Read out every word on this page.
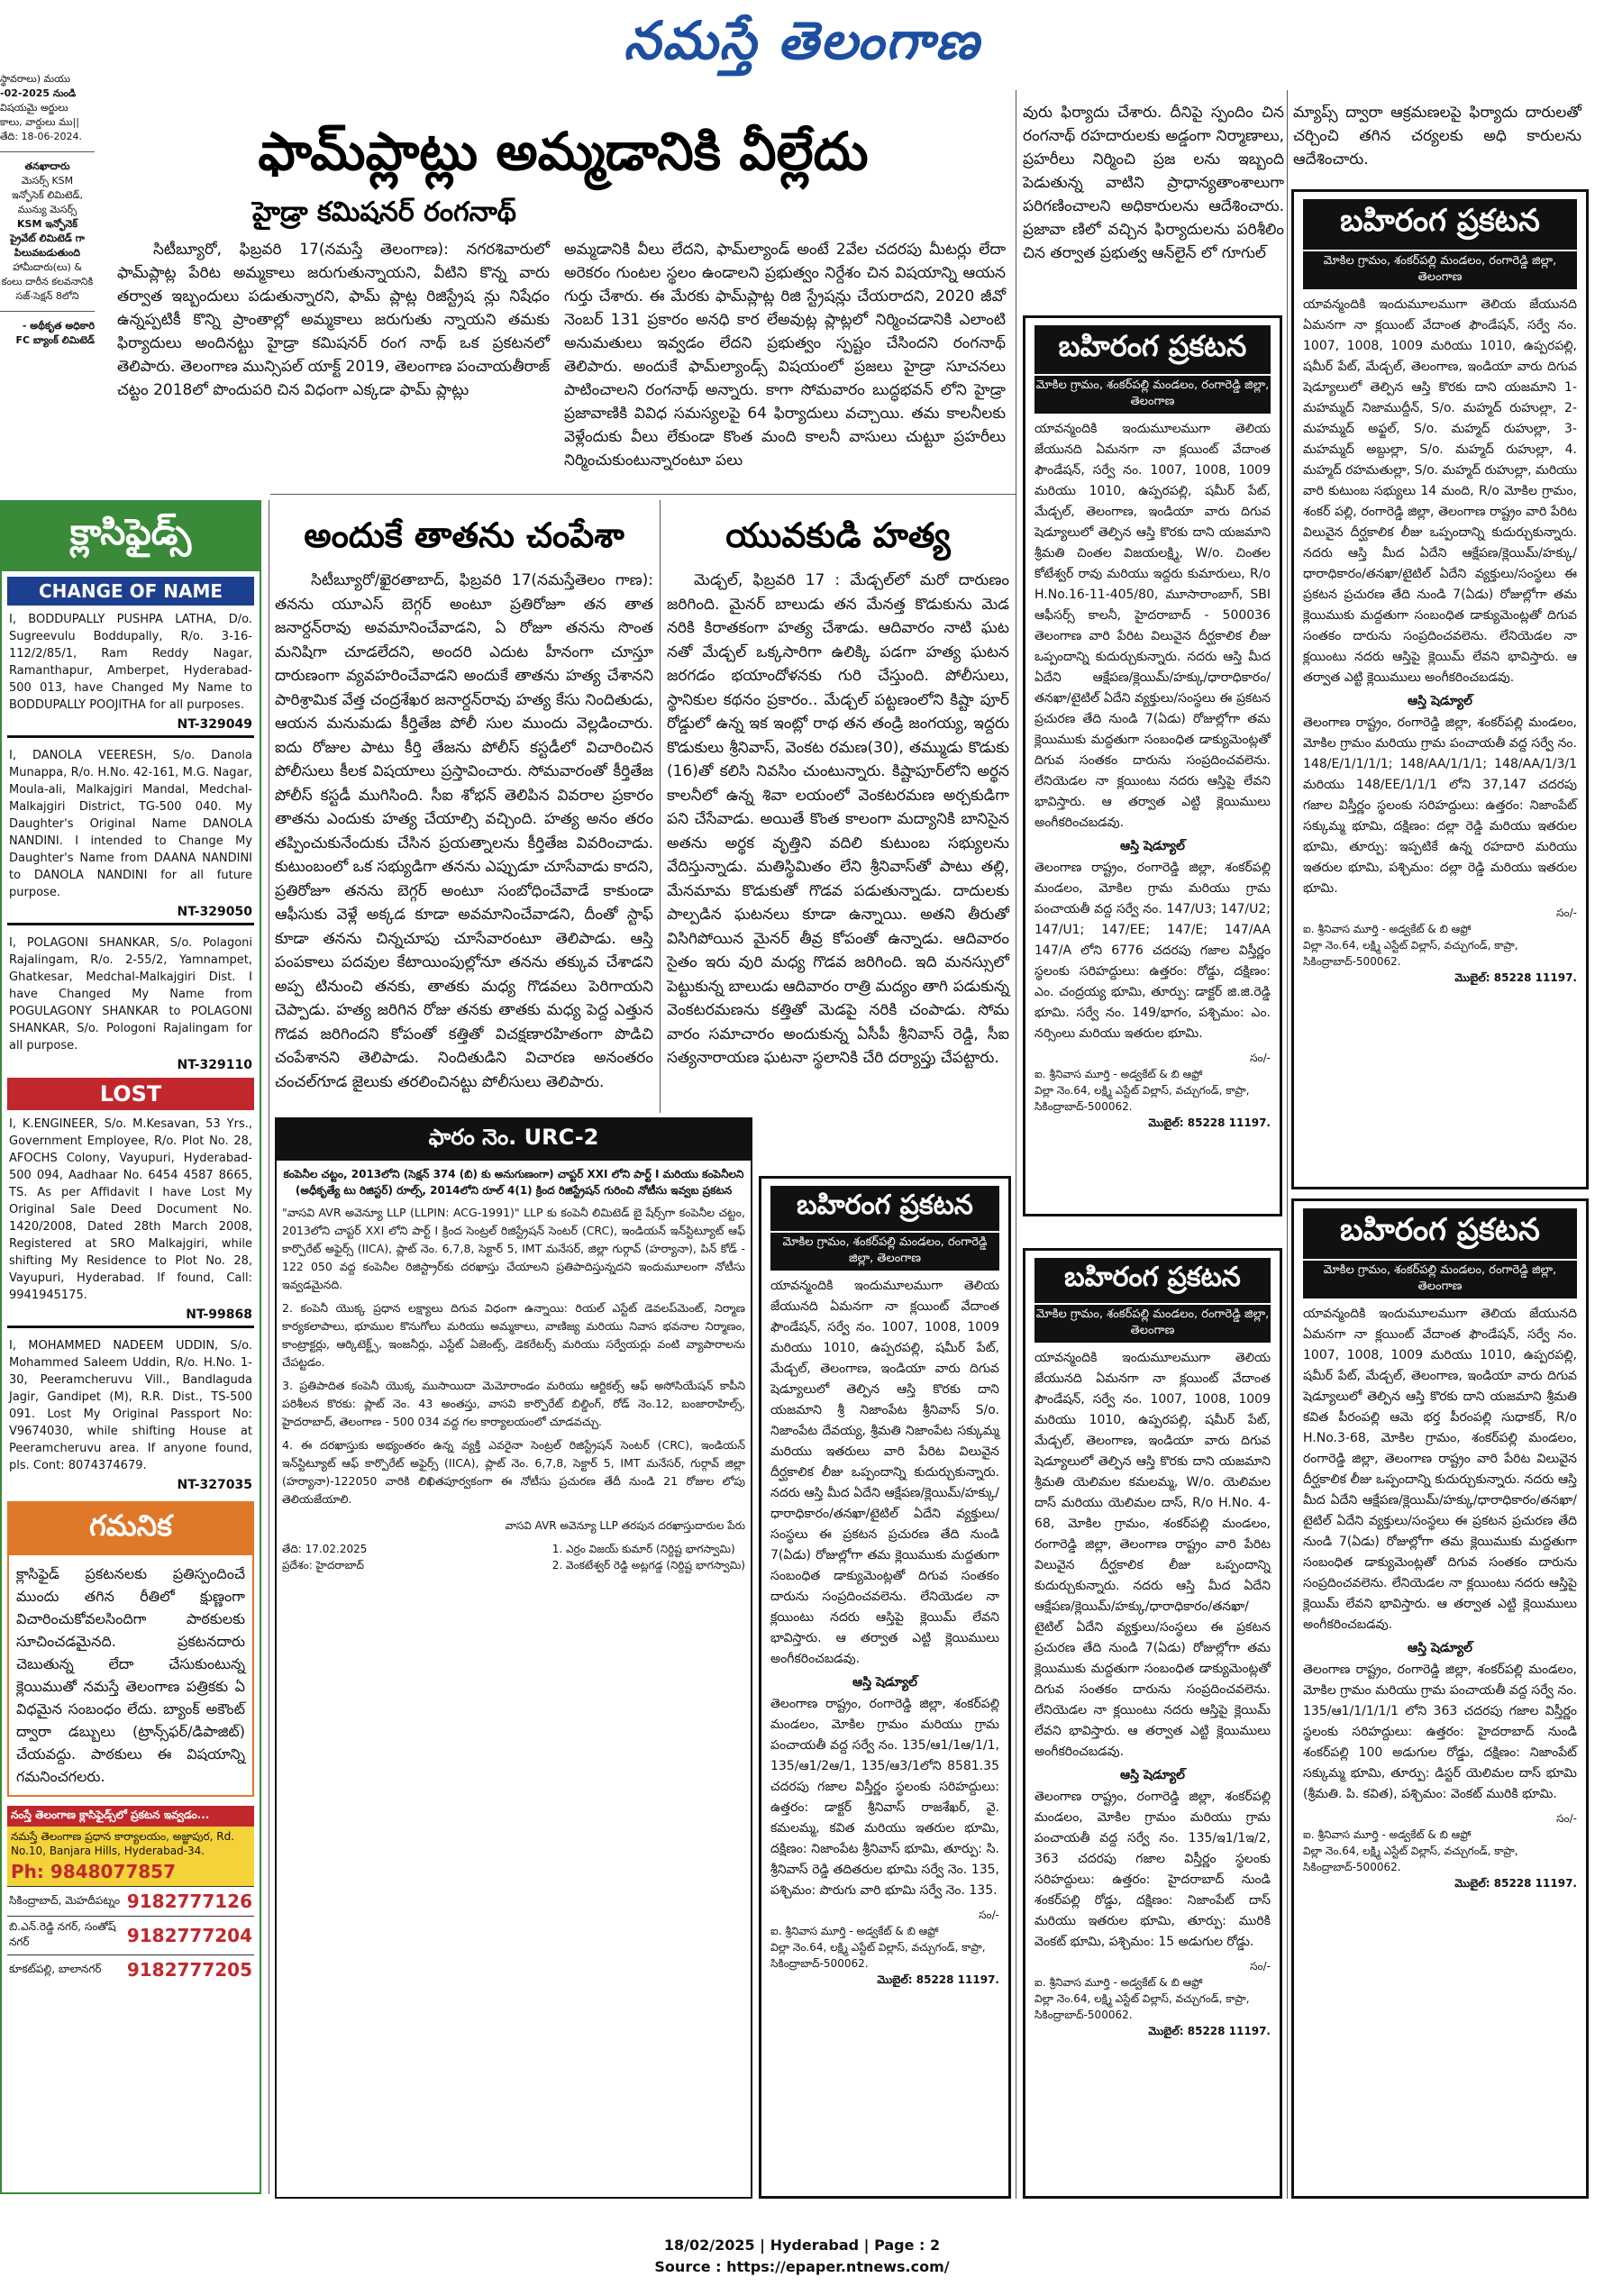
నమస్తే తెలంగాణ

స్థావరాలు) మయు

-02-2025 నుండి

విషయమై అర్జులు

కాలు, వార్డులు ము||

తేది: 18-06-2024.

తనఖాదారు

మెసర్స్ KSM

ఇన్ఫోసెక్ లిమిటెడ్,

మున్యు మెసర్స్

KSM ఇన్ఫోనెక్

ప్రైవేట్ లిమిటెడ్ గా

పిలువబడుతుంది

హామీదారు(లు) &

కంలు దారీన కలవనానికి

సజ్-సెక్షన్ 8లోని

- అథీకృత అధికారి

FC బ్యాంక్ లిమిటెడ్

క్లాసిఫైడ్స్
CHANGE OF NAME
I, BODDUPALLY PUSHPA LATHA, D/o. Sugreevulu Boddupally, R/o. 3-16-112/2/85/1, Ram Reddy Nagar, Ramanthapur, Amberpet, Hyderabad-500 013, have Changed My Name to BODDUPALLY POOJITHA for all purposes.
NT-329049
I, DANOLA VEERESH, S/o. Danola Munappa, R/o. H.No. 42-161, M.G. Nagar, Moula-ali, Malkajgiri Mandal, Medchal-Malkajgiri District, TG-500 040. My Daughter's Original Name DANOLA NANDINI. I intended to Change My Daughter's Name from DAANA NANDINI to DANOLA NANDINI for all future purpose.
NT-329050
I, POLAGONI SHANKAR, S/o. Polagoni Rajalingam, R/o. 2-55/2, Yamnampet, Ghatkesar, Medchal-Malkajgiri Dist. I have Changed My Name from POGULAGONY SHANKAR to POLAGONI SHANKAR, S/o. Pologoni Rajalingam for all purpose.
NT-329110
LOST
I, K.ENGINEER, S/o. M.Kesavan, 53 Yrs., Government Employee, R/o. Plot No. 28, AFOCHS Colony, Vayupuri, Hyderabad-500 094, Aadhaar No. 6454 4587 8665, TS. As per Affidavit I have Lost My Original Sale Deed Document No. 1420/2008, Dated 28th March 2008, Registered at SRO Malkajgiri, while shifting My Residence to Plot No. 28, Vayupuri, Hyderabad. If found, Call: 9941945175.
NT-99868
I, MOHAMMED NADEEM UDDIN, S/o. Mohammed Saleem Uddin, R/o. H.No. 1-30, Peeramcheruvu Vill., Bandlaguda Jagir, Gandipet (M), R.R. Dist., TS-500 091. Lost My Original Passport No: V9674030, while shifting House at Peeramcheruvu area. If anyone found, pls. Cont: 8074374679.
NT-327035
గమనిక
క్లాసిఫైడ్ ప్రకటనలకు ప్రతిస్పందించే ముందు తగిన రీతిలో క్షుణ్ణంగా విచారించుకోవలసిందిగా పాఠకులకు సూచించడమైనది. ప్రకటనదారు చెబుతున్న లేదా చేసుకుంటున్న క్లెయిముతో నమస్తే తెలంగాణ పత్రికకు ఏ విధమైన సంబంధం లేదు. బ్యాంక్ అకౌంట్ ద్వారా డబ్బులు (ట్రాన్స్‌ఫర్/డిపాజిట్) చేయవద్దు. పాఠకులు ఈ విషయాన్ని గమనించగలరు.
నంస్తే తెలంగాణ క్లాసిఫైడ్స్‌లో ప్రకటన ఇవ్వడం...
నమస్తే తెలంగాణ ప్రధాన కార్యాలయం, అజ్జాపుర, Rd. No.10, Banjara Hills, Hyderabad-34.
Ph: 9848077857
సికింద్రాబాద్, మెహదీపట్నం 9182777126
బి.ఎన్.రెడ్డి నగర్, సంతోష్ నగర్	9182777204
కూకట్‌పల్లి, బాలానగర్ 9182777205
ఫామ్‌ప్లాట్లు అమ్మడానికి వీల్లేదు
హైడ్రా కమిషనర్ రంగనాథ్
సిటీబ్యూరో, ఫిబ్రవరి 17(నమస్తే తెలంగాణ): నగరశివారులో ఫామ్‌ప్లాట్ల పేరిట అమ్మకాలు జరుగుతున్నాయని, వీటిని కొన్న వారు తర్వాత ఇబ్బందులు పడుతున్నారని, ఫామ్ ప్లాట్ల రిజిస్ట్రేష న్లు నిషేధం ఉన్నప్పటికీ కొన్ని ప్రాంతాల్లో అమ్మకాలు జరుగుతు న్నాయని తమకు ఫిర్యాదులు అందినట్టు హైడ్రా కమిషనర్ రంగ నాథ్ ఒక ప్రకటనలో తెలిపారు. తెలంగాణ మున్సిపల్ యాక్ట్ 2019, తెలంగాణ పంచాయతీరాజ్ చట్టం 2018లో పొందుపరి చిన విధంగా ఎక్కడా ఫామ్ ప్లాట్లు
అమ్మడానికి వీలు లేదని, ఫామ్‌ల్యాండ్ అంటే 2వేల చదరపు మీటర్లు లేదా అరెకరం గుంటల స్థలం ఉండాలని ప్రభుత్వం నిర్దేశం చిన విషయాన్ని ఆయన గుర్తు చేశారు. ఈ మేరకు ఫామ్‌ప్లాట్ల రిజి స్ట్రేషన్లు చేయరాదని, 2020 జీవో నెంబర్ 131 ప్రకారం అనధి కార లేఅవుట్ల ప్లాట్లలో నిర్మించడానికి ఎలాంటి అనుమతులు ఇవ్వడం లేదని ప్రభుత్వం స్పష్టం చేసిందని రంగనాథ్ తెలిపారు. అందుకే ఫామ్‌ల్యాండ్స్ విషయంలో ప్రజలు హైడ్రా సూచనలు పాటించాలని రంగనాథ్ అన్నారు. కాగా సోమవారం బుద్ధభవన్ లోని హైడ్రా ప్రజావాణికి వివిధ సమస్యలపై 64 ఫిర్యాదులు వచ్చాయి. తమ కాలనీలకు వెళ్లేందుకు వీలు లేకుండా కొంత మంది కాలనీ వాసులు చుట్టూ ప్రహరీలు నిర్మించుకుంటున్నారంటూ పలు
వురు ఫిర్యాదు చేశారు. దీనిపై స్పందిం చిన రంగనాథ్ రహదారులకు అడ్డంగా నిర్మాణాలు, ప్రహరీలు నిర్మించి ప్రజ లను ఇబ్బంది పెడుతున్న వాటిని ప్రాధాన్యతాంశాలుగా పరిగణించాలని అధికారులను ఆదేశించారు. ప్రజావా ణిలో వచ్చిన ఫిర్యాదులను పరిశీలిం చిన తర్వాత ప్రభుత్వ ఆన్‌లైన్ లో గూగుల్
మ్యాప్స్ ద్వారా ఆక్రమణలపై ఫిర్యాదు దారులతో చర్చించి తగిన చర్యలకు అధి కారులను ఆదేశించారు.
అందుకే తాతను చంపేశా
సిటీబ్యూరో/ఖైరతాబాద్, ఫిబ్రవరి 17(నమస్తేతెలం గాణ): తనను యూఎస్ బెగ్గర్ అంటూ ప్రతిరోజూ తన తాత జనార్దన్‌రావు అవమానించేవాడని, ఏ రోజూ తనను సొంత మనిషిగా చూడలేదని, అందరి ఎదుట హీనంగా చూస్తూ దారుణంగా వ్యవహరించేవాడని అందుకే తాతను హత్య చేశానని పారిశ్రామిక వేత్త చంద్రశేఖర జనార్దన్‌రావు హత్య కేసు నిందితుడు, ఆయన మనుమడు కీర్తితేజ పోలీ సుల ముందు వెల్లడించారు. ఐదు రోజుల పాటు కీర్తి తేజను పోలీస్ కస్టడీలో విచారించిన పోలీసులు కీలక విషయాలు ప్రస్తావించారు. సోమవారంతో కీర్తితేజ పోలీస్ కస్టడీ ముగిసింది. సీఐ శోభన్ తెలిపిన వివరాల ప్రకారం తాతను ఎందుకు హత్య చేయాల్సి వచ్చింది. హత్య అనం తరం తప్పించుకునేందుకు చేసిన ప్రయత్నాలను కీర్తితేజ వివరించాడు. కుటుంబంలో ఒక సభ్యుడిగా తనను ఎప్పుడూ చూసేవాడు కాదని, ప్రతిరోజూ తనను బెగ్గర్ అంటూ సంబోధించేవాడే కాకుండా ఆఫీసుకు వెళ్లే అక్కడ కూడా అవమానించేవాడని, దీంతో స్టాఫ్ కూడా తనను చిన్నచూపు చూసేవారంటూ తెలిపాడు. ఆస్తి పంపకాలు పదవుల కేటాయింపుల్లోనూ తనను తక్కువ చేశాడని అప్ప టినుంచి తనకు, తాతకు మధ్య గొడవలు పెరిగాయని చెప్పాడు. హత్య జరిగిన రోజు తనకు తాతకు మధ్య పెద్ద ఎత్తున గొడవ జరిగిందని కోపంతో కత్తితో విచక్షణారహితంగా పొడిచి చంపేశానని తెలిపాడు. నిందితుడిని విచారణ అనంతరం చంచల్‌గూడ జైలుకు తరలించినట్టు పోలీసులు తెలిపారు.
యువకుడి హత్య
మెడ్చల్, ఫిబ్రవరి 17 : మేడ్చల్‌లో మరో దారుణం జరిగింది. మైనర్ బాలుడు తన మేనత్త కొడుకును మెడ నరికి కిరాతకంగా హత్య చేశాడు. ఆదివారం నాటి ఘట నతో మేడ్చల్ ఒక్కసారిగా ఉలిక్కి పడగా హత్య ఘటన జరగడం భయాందోళనకు గురి చేస్తుంది. పోలీసులు, స్థానికుల కథనం ప్రకారం.. మేడ్చల్ పట్టణంలోని కిష్టా పూర్ రోడ్డులో ఉన్న ఇక ఇంట్లో రాథ తన తండ్రి జంగయ్య, ఇద్దరు కొడుకులు శ్రీనివాస్, వెంకట రమణ(30), తమ్ముడు కొడుకు (16)తో కలిసి నివసిం చుంటున్నారు. కిష్టాపూర్‌లోని అర్థన కాలనీలో ఉన్న శివా లయంలో వెంకటరమణ అర్చకుడిగా పని చేసేవాడు. అయితే కొంత కాలంగా మద్యానికి బానిసైన అతను అర్థక వృత్తిని వదిలి కుటుంబ సభ్యులను వేదిస్తున్నాడు. మతిస్థిమితం లేని శ్రీనివాస్‌తో పాటు తల్లి, మేనమామ కొడుకుతో గొడవ పడుతున్నాడు. దాదులకు పాల్పడిన ఘటనలు కూడా ఉన్నాయి. అతని తీరుతో విసిగిపోయిన మైనర్ తీవ్ర కోపంతో ఉన్నాడు. ఆదివారం సైతం ఇరు వురి మధ్య గొడవ జరిగింది. ఇది మనస్సులో పెట్టుకున్న బాలుడు ఆదివారం రాత్రి మద్యం తాగి పడుకున్న వెంకటరమణను కత్తితో మెడపై నరికి చంపాడు. సోమ వారం సమాచారం అందుకున్న ఏసీపీ శ్రీనివాస్ రెడ్డి, సీఐ సత్యనారాయణ ఘటనా స్థలానికి చేరి దర్యాప్తు చేపట్టారు.
ఫారం నెం. URC-2
కంపెనీల చట్టం, 2013లోని (సెక్షన్ 374 (బి) కు అనుగుణంగా) చాప్టర్ XXI లోని పార్ట్ I మరియు కంపెనీలని (అధీకృత్యే టు రిజిస్టర్) రూల్స్, 2014లోని రూల్ 4(1) క్రింద రిజిస్ట్రేషన్ గురించి నోటీసు ఇవ్వబ ప్రకటన
"వాసవి AVR అవెన్యూ LLP (LLPIN: ACG-1991)" LLP కు కంపెనీ లిమిటెడ్ బై షేర్స్‌గా కంపెనీల చట్టం, 2013లోని చాప్టర్ XXI లోని పార్ట్ I క్రింద సెంట్రల్ రిజిస్ట్రేషన్ సెంటర్ (CRC), ఇండియన్ ఇన్‌స్టిట్యూట్ ఆఫ్ కార్పొరేట్ అఫైర్స్ (IICA), ప్లాట్ నెం. 6,7,8, సెక్టార్ 5, IMT మనేసర్, జిల్లా గుర్గావ్ (హర్యానా), పిన్ కోడ్ - 122 050 వద్ద కంపెనీల రిజిస్ట్రార్‌కు దరఖాస్తు చేయాలని ప్రతిపాదిస్తున్నదని ఇందుమూలంగా నోటీసు ఇవ్వడమైనది.
2. కంపెనీ యొక్క ప్రధాన లక్ష్యాలు దిగువ విధంగా ఉన్నాయి: రియల్ ఎస్టేట్ డెవలప్‌మెంట్, నిర్మాణ కార్యకలాపాలు, భూముల కొనుగోలు మరియు అమ్మకాలు, వాణిజ్య మరియు నివాస భవనాల నిర్మాణం, కాంట్రాక్టర్లు, ఆర్కిటెక్ట్స్, ఇంజనీర్లు, ఎస్టేట్ ఏజెంట్స్, డెకరేటర్స్ మరియు సర్వేయర్లు వంటి వ్యాపారాలను చేపట్టడం.
3. ప్రతిపాదిత కంపెనీ యొక్క ముసాయిదా మెమోరాండం మరియు ఆర్టికల్స్ ఆఫ్ అసోసియేషన్ కాపీని పరిశీలన కొరకు: ప్లాట్ నెం. 43 అంతస్తు, వాసవి కార్పొరేట్ బిల్డింగ్, రోడ్ నెం.12, బంజారాహిల్స్, హైదరాబాద్, తెలంగాణ - 500 034 వద్ద గల కార్యాలయంలో చూడవచ్చు.
4. ఈ దరఖాస్తుకు అభ్యంతరం ఉన్న వ్యక్తి ఎవరైనా సెంట్రల్ రిజిస్ట్రేషన్ సెంటర్ (CRC), ఇండియన్ ఇన్‌స్టిట్యూట్ ఆఫ్ కార్పొరేట్ అఫైర్స్ (IICA), ప్లాట్ నెం. 6,7,8, సెక్టార్ 5, IMT మనేసర్, గుర్గావ్ జిల్లా (హర్యానా)-122050 వారికి లిఖితపూర్వకంగా ఈ నోటీసు ప్రచురణ తేదీ నుండి 21 రోజుల లోపు తెలియజేయాలి.
వాసవి AVR అవెన్యూ LLP తరపున దరఖాస్తుదారుల పేరు
తేది: 17.02.2025
ప్రదేశం: హైదరాబాద్
1. ఎర్రం విజయ్ కుమార్ (నిర్దిష్ట భాగస్వామి)
2. వెంకటేశ్వర్ రెడ్డి అట్లగడ్డ (నిర్దిష్ట భాగస్వామి)
బహిరంగ ప్రకటన
మోకిల గ్రామం, శంకర్‌పల్లి మండలం, రంగారెడ్డి జిల్లా, తెలంగాణ
యావన్మందికి ఇందుమూలముగా తెలియ జేయునది ఏమనగా నా క్లయింట్ వేదాంత ఫౌండేషన్, సర్వే నం. 1007, 1008, 1009 మరియు 1010, ఉప్పరపల్లి, షమీర్ పేట్, మేడ్చల్, తెలంగాణ, ఇండియా వారు దిగువ షెడ్యూలులో తెల్పిన ఆస్తి కొరకు దాని యజమాని శ్రీమతి చింతల విజయలక్ష్మి, W/o. చింతల కోటేశ్వర్ రావు మరియు ఇద్దరు కుమారులు, R/o H.No.16-11-405/80, మూసారాంబాగ్, SBI ఆఫీసర్స్ కాలనీ, హైదరాబాద్ - 500036 తెలంగాణ వారి పేరిట విలువైన దీర్ఘకాలిక లీజు ఒప్పందాన్ని కుదుర్చుకున్నారు. నదరు ఆస్తి మీద ఏదేని ఆక్షేపణ/క్లెయిమ్/హక్కు/ధారాధికారం/తనఖా/టైటిల్ ఏదేని వ్యక్తులు/సంస్థలు ఈ ప్రకటన ప్రచురణ తేది నుండి 7(ఏడు) రోజుల్లోగా తమ క్లెయిముకు మద్దతుగా సంబంధిత డాక్యుమెంట్లతో దిగువ సంతకం దారును సంప్రదించవలెను. లేనియెడల నా క్లయింటు నదరు ఆస్తిపై లేవని భావిస్తారు. ఆ తర్వాత ఎట్టి క్లెయిములు అంగీకరించబడవు.
ఆస్తి షెడ్యూల్
తెలంగాణ రాష్ట్రం, రంగారెడ్డి జిల్లా, శంకర్‌పల్లి మండలం, మోకిల గ్రామ మరియు గ్రామ పంచాయతీ వద్ద సర్వే నం. 147/U3; 147/U2; 147/U1; 147/EE; 147/E; 147/AA 147/A లోని 6776 చదరపు గజాల విస్తీర్ణం స్థలంకు సరిహద్దులు: ఉత్తరం: రోడ్డు, దక్షిణం: ఎం. చంద్రయ్య భూమి, తూర్పు: డాక్టర్ జి.జి.రెడ్డి భూమి. సర్వే నం. 149/భాగం, పశ్చిమం: ఎం. నర్సింలు మరియు ఇతరుల భూమి.
సం/-
ఐ. శ్రీనివాస మూర్తి - అడ్వకేట్ & బి ఆఫ్రో
విల్లా నెం.64, లక్ష్మి ఎస్టేట్ విల్లాస్, వచ్చుగండ్, కాప్రా, సికింద్రాబాద్-500062.
మొబైల్: 85228 11197.
బహిరంగ ప్రకటన
మోకిల గ్రామం, శంకర్‌పల్లి మండలం, రంగారెడ్డి జిల్లా, తెలంగాణ
యావన్మందికి ఇందుమూలముగా తెలియ జేయునది ఏమనగా నా క్లయింట్ వేదాంత ఫౌండేషన్, సర్వే నం. 1007, 1008, 1009 మరియు 1010, ఉప్పరపల్లి, షమీర్ పేట్, మేడ్చల్, తెలంగాణ, ఇండియా వారు దిగువ షెడ్యూలులో తెల్పిన ఆస్తి కొరకు దాని యజమాని 1-మహమ్మద్ నిజాముద్దీన్, S/o. మహ్మద్ రుహుల్లా, 2- మహమ్మద్ అఫ్జల్, S/o. మహ్మద్ రుహుల్లా, 3-మహమ్మద్ అబ్దుల్లా, S/o. మహ్మద్ రుహుల్లా, 4. మహ్మద్ రహమతుల్లా, S/o. మహ్మద్ రుహుల్లా, మరియు వారి కుటుంబ సభ్యులు 14 మంది, R/o మోకిల గ్రామం, శంకర్ పల్లి, రంగారెడ్డి జిల్లా, తెలంగాణ రాష్ట్రం వారి పేరిట విలువైన దీర్ఘకాలిక లీజు ఒప్పందాన్ని కుదుర్చుకున్నారు. నదరు ఆస్తి మీద ఏదేని ఆక్షేపణ/క్లెయిమ్/హక్కు/ధారాధికారం/తనఖా/టైటిల్ ఏదేని వ్యక్తులు/సంస్థలు ఈ ప్రకటన ప్రచురణ తేది నుండి 7(ఏడు) రోజుల్లోగా తమ క్లెయిముకు మద్దతుగా సంబంధిత డాక్యుమెంట్లతో దిగువ సంతకం దారును సంప్రదించవలెను. లేనియెడల నా క్లయింటు నదరు ఆస్తిపై క్లెయిమ్ లేవని భావిస్తారు. ఆ తర్వాత ఎట్టి క్లెయిములు అంగీకరించబడవు.
ఆస్తి షెడ్యూల్
తెలంగాణ రాష్ట్రం, రంగారెడ్డి జిల్లా, శంకర్‌పల్లి మండలం, మోకిల గ్రామం మరియు గ్రామ పంచాయతీ వద్ద సర్వే నం. 148/E/1/1/1/1; 148/AA/1/1/1; 148/AA/1/3/1 మరియు 148/EE/1/1/1 లోని 37,147 చదరపు గజాల విస్తీర్ణం స్థలంకు సరిహద్దులు: ఉత్తరం: నిజాంపేట్ సక్కుమ్మ భూమి, దక్షిణం: దల్లా రెడ్డి మరియు ఇతరుల భూమి, తూర్పు: ఇప్పటికే ఉన్న రహదారి మరియు ఇతరుల భూమి, పశ్చిమం: దల్లా రెడ్డి మరియు ఇతరుల భూమి.
సం/-
ఐ. శ్రీనివాస మూర్తి - అడ్వకేట్ & బి ఆఫ్రో
విల్లా నెం.64, లక్ష్మి ఎస్టేట్ విల్లాస్, వచ్చుగండ్, కాప్రా, సికింద్రాబాద్-500062.
మొబైల్: 85228 11197.
బహిరంగ ప్రకటన
మోకిల గ్రామం, శంకర్‌పల్లి మండలం, రంగారెడ్డి జిల్లా, తెలంగాణ
యావన్మందికి ఇందుమూలముగా తెలియ జేయునది ఏమనగా నా క్లయింట్ వేదాంత ఫౌండేషన్, సర్వే నం. 1007, 1008, 1009 మరియు 1010, ఉప్పరపల్లి, షమీర్ పేట్, మేడ్చల్, తెలంగాణ, ఇండియా వారు దిగువ షెడ్యూలులో తెల్పిన ఆస్తి కొరకు దాని యజమాని శ్రీ నిజాంపేట శ్రీనివాస్ S/o. నిజాంపేట దేవయ్య, శ్రీమతి నిజాంపేట సక్కుమ్మ మరియు ఇతరులు వారి పేరిట విలువైన దీర్ఘకాలిక లీజు ఒప్పందాన్ని కుదుర్చుకున్నారు. నదరు ఆస్తి మీద ఏదేని ఆక్షేపణ/క్లెయిమ్/హక్కు/ధారాధికారం/తనఖా/టైటిల్ ఏదేని వ్యక్తులు/సంస్థలు ఈ ప్రకటన ప్రచురణ తేది నుండి 7(ఏడు) రోజుల్లోగా తమ క్లెయిముకు మద్దతుగా సంబంధిత డాక్యుమెంట్లతో దిగువ సంతకం దారును సంప్రదించవలెను. లేనియెడల నా క్లయింటు నదరు ఆస్తిపై క్లెయిమ్ లేవని భావిస్తారు. ఆ తర్వాత ఎట్టి క్లెయిములు అంగీకరించబడవు.
ఆస్తి షెడ్యూల్
తెలంగాణ రాష్ట్రం, రంగారెడ్డి జిల్లా, శంకర్‌పల్లి మండలం, మోకిల గ్రామం మరియు గ్రామ పంచాయతీ వద్ద సర్వే నం. 135/ఆ1/1ఆ/1/1, 135/ఆ1/2ఆ/1, 135/ఆ3/1లోని 8581.35 చదరపు గజాల విస్తీర్ణం స్థలంకు సరిహద్దులు: ఉత్తరం: డాక్టర్ శ్రీనివాస్ రాజశేఖర్, వై. కమలమ్మ, కవిత మరియు ఇతరుల భూమి, దక్షిణం: నిజాంపేట శ్రీనివాస్ భూమి, తూర్పు: సి. శ్రీనివాస్ రెడ్డి తదితరుల భూమి సర్వే నెం. 135, పశ్చిమం: పొరుగు వారి భూమి సర్వే నెం. 135.
సం/-
ఐ. శ్రీనివాస మూర్తి - అడ్వకేట్ & బి ఆఫ్రో
విల్లా నెం.64, లక్ష్మి ఎస్టేట్ విల్లాస్, వచ్చుగండ్, కాప్రా, సికింద్రాబాద్-500062.
మొబైల్: 85228 11197.
బహిరంగ ప్రకటన
మోకిల గ్రామం, శంకర్‌పల్లి మండలం, రంగారెడ్డి జిల్లా, తెలంగాణ
యావన్మందికి ఇందుమూలముగా తెలియ జేయునది ఏమనగా నా క్లయింట్ వేదాంత ఫౌండేషన్, సర్వే నం. 1007, 1008, 1009 మరియు 1010, ఉప్పరపల్లి, షమీర్ పేట్, మేడ్చల్, తెలంగాణ, ఇండియా వారు దిగువ షెడ్యూలులో తెల్పిన ఆస్తి కొరకు దాని యజమాని శ్రీమతి యెలిమల కమలమ్మ, W/o. యెలిమల దాస్ మరియు యెలిమల దాస్, R/o H.No. 4-68, మోకిల గ్రామం, శంకర్‌పల్లి మండలం, రంగారెడ్డి జిల్లా, తెలంగాణ రాష్ట్రం వారి పేరిట విలువైన దీర్ఘకాలిక లీజు ఒప్పందాన్ని కుదుర్చుకున్నారు. నదరు ఆస్తి మీద ఏదేని ఆక్షేపణ/క్లెయిమ్/హక్కు/ధారాధికారం/తనఖా/టైటిల్ ఏదేని వ్యక్తులు/సంస్థలు ఈ ప్రకటన ప్రచురణ తేది నుండి 7(ఏడు) రోజుల్లోగా తమ క్లెయిముకు మద్దతుగా సంబంధిత డాక్యుమెంట్లతో దిగువ సంతకం దారును సంప్రదించవలెను. లేనియెడల నా క్లయింటు నదరు ఆస్తిపై క్లెయిమ్ లేవని భావిస్తారు. ఆ తర్వాత ఎట్టి క్లెయిములు అంగీకరించబడవు.
ఆస్తి షెడ్యూల్
తెలంగాణ రాష్ట్రం, రంగారెడ్డి జిల్లా, శంకర్‌పల్లి మండలం, మోకిల గ్రామం మరియు గ్రామ పంచాయతీ వద్ద సర్వే నం. 135/ఇ1/1ఇ/2, 363 చదరపు గజాల విస్తీర్ణం స్థలంకు సరిహద్దులు: ఉత్తరం: హైదరాబాద్ నుండి శంకర్‌పల్లి రోడ్డు, దక్షిణం: నిజాంపేట్ దాస్ మరియు ఇతరుల భూమి, తూర్పు: మురికి వెంకట్ భూమి, పశ్చిమం: 15 అడుగుల రోడ్డు.
సం/-
ఐ. శ్రీనివాస మూర్తి - అడ్వకేట్ & బి ఆఫ్రో
విల్లా నెం.64, లక్ష్మి ఎస్టేట్ విల్లాస్, వచ్చుగండ్, కాప్రా, సికింద్రాబాద్-500062.
మొబైల్: 85228 11197.
బహిరంగ ప్రకటన
మోకిల గ్రామం, శంకర్‌పల్లి మండలం, రంగారెడ్డి జిల్లా, తెలంగాణ
యావన్మందికి ఇందుమూలముగా తెలియ జేయునది ఏమనగా నా క్లయింట్ వేదాంత ఫౌండేషన్, సర్వే నం. 1007, 1008, 1009 మరియు 1010, ఉప్పరపల్లి, షమీర్ పేట్, మేడ్చల్, తెలంగాణ, ఇండియా వారు దిగువ షెడ్యూలులో తెల్పిన ఆస్తి కొరకు దాని యజమాని శ్రీమతి కవిత పీరంపల్లి ఆమె భర్త పీరంపల్లి సుధాకర్, R/o H.No.3-68, మోకిల గ్రామం, శంకర్‌పల్లి మండలం, రంగారెడ్డి జిల్లా, తెలంగాణ రాష్ట్రం వారి పేరిట విలువైన దీర్ఘకాలిక లీజు ఒప్పందాన్ని కుదుర్చుకున్నారు. నదరు ఆస్తి మీద ఏదేని ఆక్షేపణ/క్లెయిమ్/హక్కు/ధారాధికారం/తనఖా/టైటిల్ ఏదేని వ్యక్తులు/సంస్థలు ఈ ప్రకటన ప్రచురణ తేది నుండి 7(ఏడు) రోజుల్లోగా తమ క్లెయిముకు మద్దతుగా సంబంధిత డాక్యుమెంట్లతో దిగువ సంతకం దారును సంప్రదించవలెను. లేనియెడల నా క్లయింటు నదరు ఆస్తిపై క్లెయిమ్ లేవని భావిస్తారు. ఆ తర్వాత ఎట్టి క్లెయిములు అంగీకరించబడవు.
ఆస్తి షెడ్యూల్
తెలంగాణ రాష్ట్రం, రంగారెడ్డి జిల్లా, శంకర్‌పల్లి మండలం, మోకిల గ్రామం మరియు గ్రామ పంచాయతీ వద్ద సర్వే నం. 135/ఆ1/1/1/1/1 లోని 363 చదరపు గజాల విస్తీర్ణం స్థలంకు సరిహద్దులు: ఉత్తరం: హైదరాబాద్ నుండి శంకర్‌పల్లి 100 అడుగుల రోడ్డు, దక్షిణం: నిజాంపేట్ సక్కుమ్మ భూమి, తూర్పు: డిస్టర్ యెలిమల దాస్ భూమి (శ్రీమతి. పి. కవిత), పశ్చిమం: వెంకట్ మురికి భూమి.
సం/-
ఐ. శ్రీనివాస మూర్తి - అడ్వకేట్ & బి ఆఫ్రో
విల్లా నెం.64, లక్ష్మి ఎస్టేట్ విల్లాస్, వచ్చుగండ్, కాప్రా, సికింద్రాబాద్-500062.
మొబైల్: 85228 11197.
18/02/2025 | Hyderabad | Page : 2
Source : https://epaper.ntnews.com/
